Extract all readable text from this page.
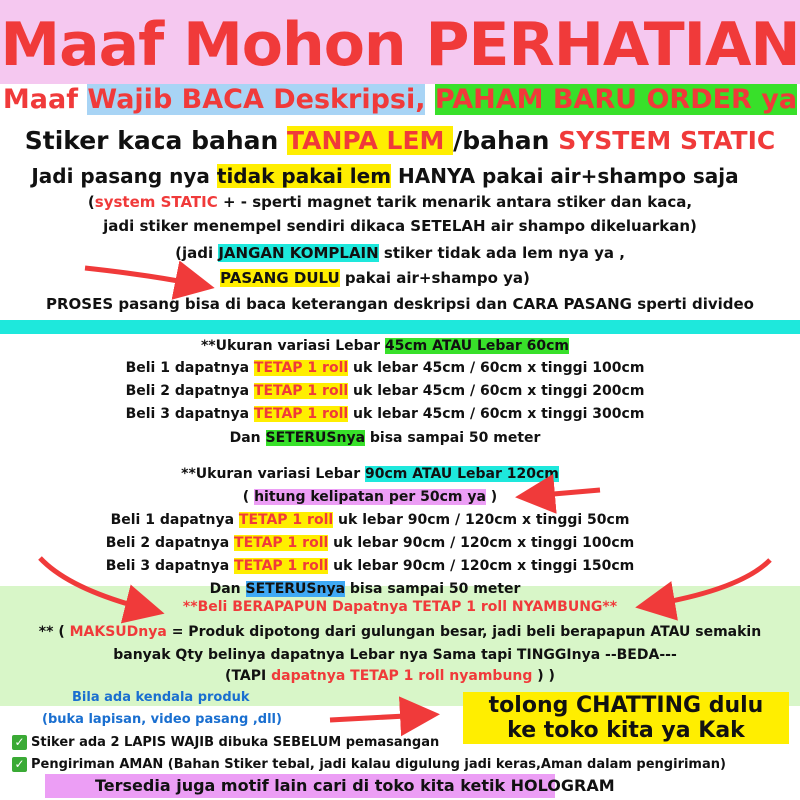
Maaf Mohon PERHATIAN
Maaf Wajib BACA Deskripsi, PAHAM BARU ORDER ya
Stiker kaca bahan TANPA LEM /bahan SYSTEM STATIC
Jadi pasang nya tidak pakai lem HANYA pakai air+shampo saja
(system STATIC + - sperti magnet tarik menarik antara stiker dan kaca,
jadi stiker menempel sendiri dikaca SETELAH air shampo dikeluarkan)
(jadi JANGAN KOMPLAIN stiker tidak ada lem nya ya ,
PASANG DULU pakai air+shampo ya)
PROSES pasang bisa di baca keterangan deskripsi dan CARA PASANG sperti divideo
**Ukuran variasi Lebar 45cm ATAU Lebar 60cm
Beli 1 dapatnya TETAP 1 roll uk lebar 45cm / 60cm x tinggi 100cm
Beli 2 dapatnya TETAP 1 roll uk lebar 45cm / 60cm x tinggi 200cm
Beli 3 dapatnya TETAP 1 roll uk lebar 45cm / 60cm x tinggi 300cm
Dan SETERUSnya bisa sampai 50 meter
**Ukuran variasi Lebar 90cm ATAU Lebar 120cm
( hitung kelipatan per 50cm ya )
Beli 1 dapatnya TETAP 1 roll uk lebar 90cm / 120cm x tinggi 50cm
Beli 2 dapatnya TETAP 1 roll uk lebar 90cm / 120cm x tinggi 100cm
Beli 3 dapatnya TETAP 1 roll uk lebar 90cm / 120cm x tinggi 150cm
Dan SETERUSnya bisa sampai 50 meter
**Beli BERAPAPUN Dapatnya TETAP 1 roll NYAMBUNG**
** ( MAKSUDnya = Produk dipotong dari gulungan besar, jadi beli berapapun ATAU semakin
banyak Qty belinya dapatnya Lebar nya Sama tapi TINGGInya --BEDA---
(TAPI dapatnya TETAP 1 roll nyambung ) )
Bila ada kendala produk
(buka lapisan, video pasang ,dll)
tolong CHATTING dulu
ke toko kita ya Kak
✓ Stiker ada 2 LAPIS WAJIB dibuka SEBELUM pemasangan
✓ Pengiriman AMAN (Bahan Stiker tebal, jadi kalau digulung jadi keras,Aman dalam pengiriman)
Tersedia juga motif lain cari di toko kita ketik HOLOGRAM
